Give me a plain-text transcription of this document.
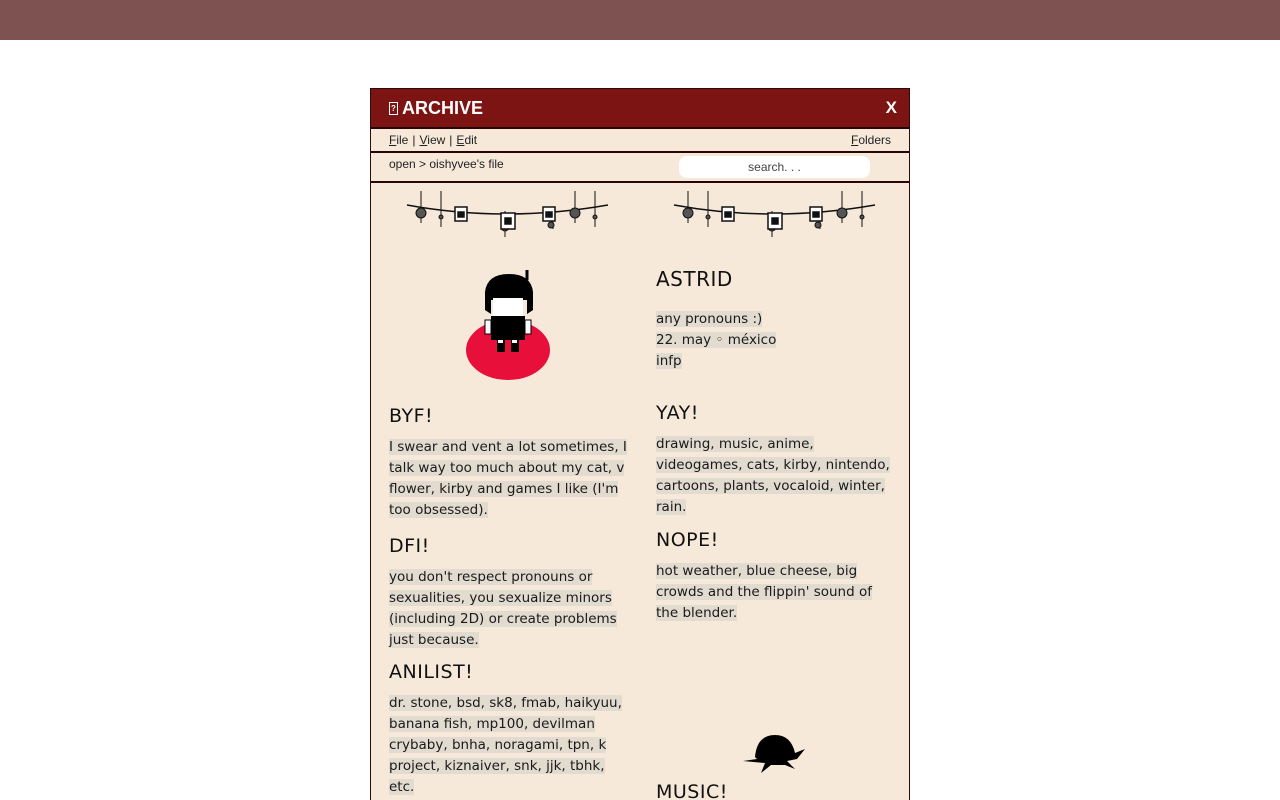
? ARCHIVE	X
File | View | Edit	Folders
open > oishyvee's file
search. . .
BYF!
I swear and vent a lot sometimes, I talk way too much about my cat, v flower, kirby and games I like (I'm too obsessed).
DFI!
you don't respect pronouns or sexualities, you sexualize minors (including 2D) or create problems just because.
ANILIST!
dr. stone, bsd, sk8, fmab, haikyuu, banana fish, mp100, devilman crybaby, bnha, noragami, tpn, k project, kiznaiver, snk, jjk, tbhk, etc.
ASTRID
any pronouns :)
22. may ◦ méxico
infp
YAY!
drawing, music, anime, videogames, cats, kirby, nintendo, cartoons, plants, vocaloid, winter, rain.
NOPE!
hot weather, blue cheese, big crowds and the flippin' sound of the blender.
MUSIC!
